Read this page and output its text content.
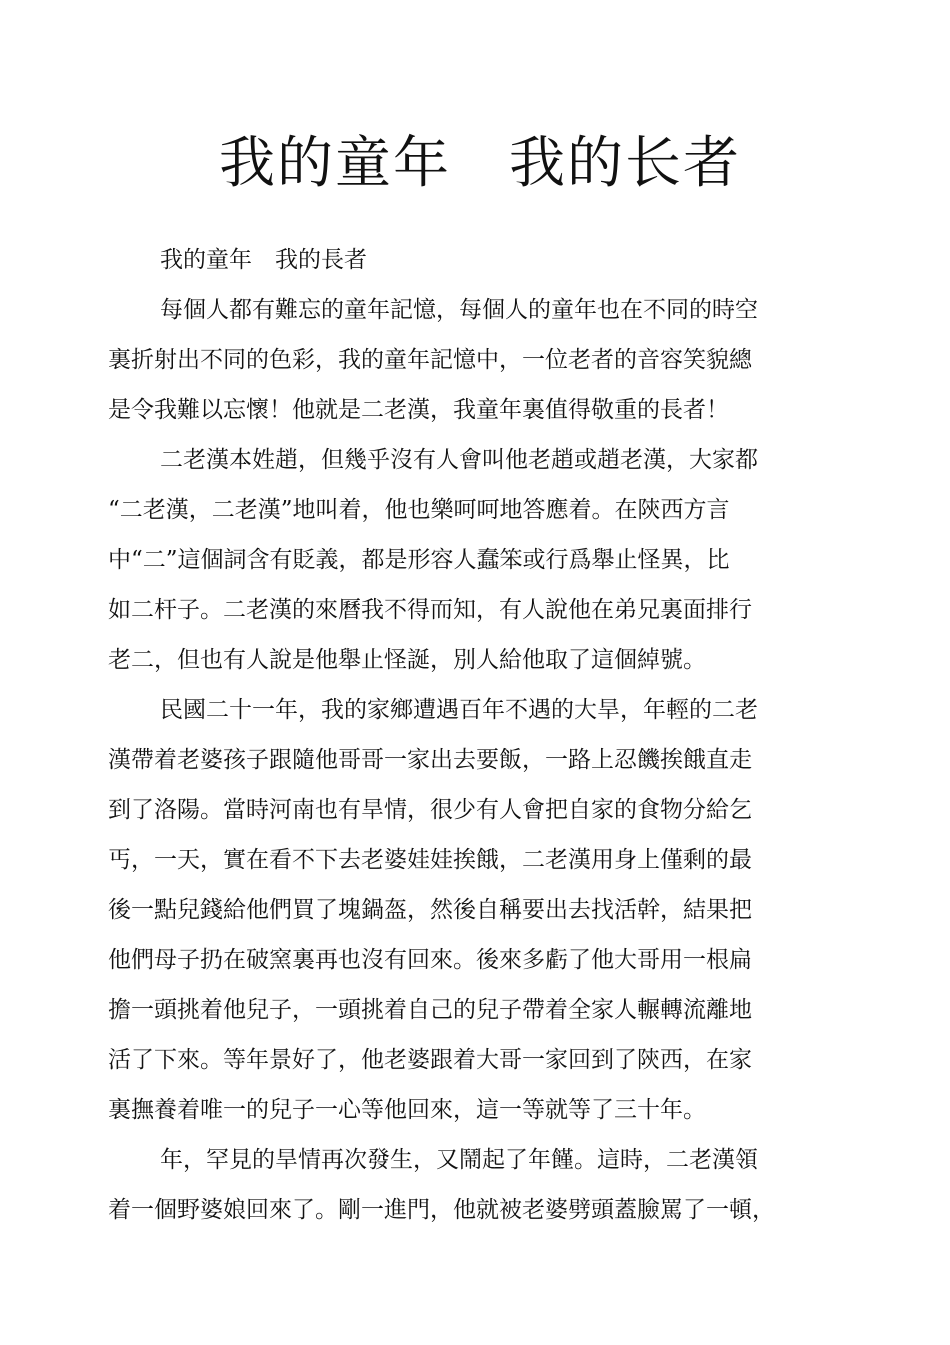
我的童年　我的长者
我的童年　我的長者
每個人都有難忘的童年記憶，每個人的童年也在不同的時空
裏折射出不同的色彩，我的童年記憶中，一位老者的音容笑貌總
是令我難以忘懷！他就是二老漢，我童年裏值得敬重的長者！
二老漢本姓趙，但幾乎沒有人會叫他老趙或趙老漢，大家都
“二老漢，二老漢”地叫着，他也樂呵呵地答應着。在陝西方言
中“二”這個詞含有貶義，都是形容人蠢笨或行爲舉止怪異，比
如二杆子。二老漢的來曆我不得而知，有人說他在弟兄裏面排行
老二，但也有人說是他舉止怪誕，別人給他取了這個綽號。
民國二十一年，我的家鄉遭遇百年不遇的大旱，年輕的二老
漢帶着老婆孩子跟隨他哥哥一家出去要飯，一路上忍饑挨餓直走
到了洛陽。當時河南也有旱情，很少有人會把自家的食物分給乞
丐，一天，實在看不下去老婆娃娃挨餓，二老漢用身上僅剩的最
後一點兒錢給他們買了塊鍋盔，然後自稱要出去找活幹，結果把
他們母子扔在破窯裏再也沒有回來。後來多虧了他大哥用一根扁
擔一頭挑着他兒子，一頭挑着自己的兒子帶着全家人輾轉流離地
活了下來。等年景好了，他老婆跟着大哥一家回到了陝西，在家
裏撫養着唯一的兒子一心等他回來，這一等就等了三十年。
年，罕見的旱情再次發生，又鬧起了年饉。這時，二老漢領
着一個野婆娘回來了。剛一進門，他就被老婆劈頭蓋臉罵了一頓，
